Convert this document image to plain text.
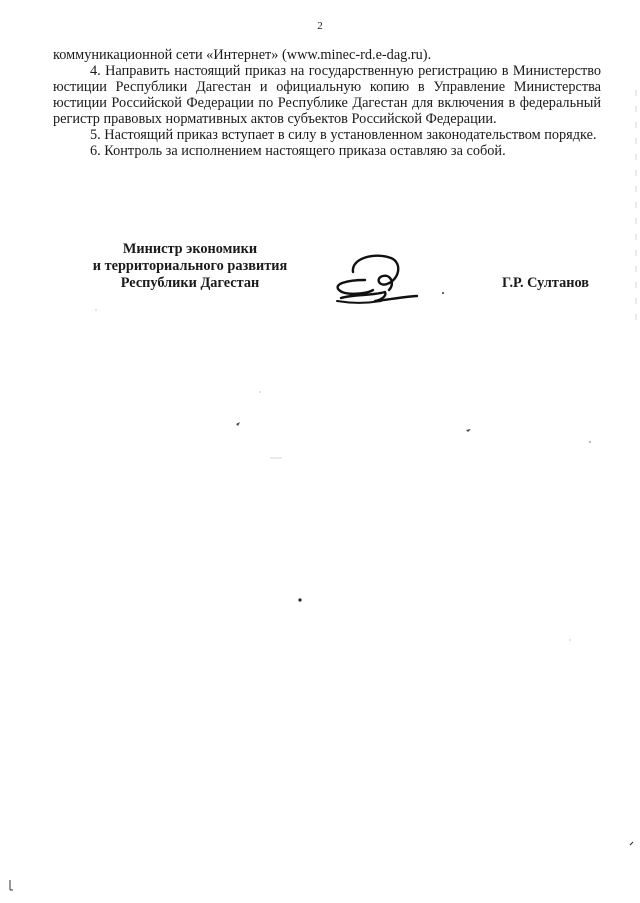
2

коммуникационной сети «Интернет» (www.minec-rd.e-dag.ru).

4. Направить настоящий приказ на государственную регистрацию в Министерство юстиции Республики Дагестан и официальную копию в Управление Министерства юстиции Российской Федерации по Республике Дагестан для включения в федеральный регистр правовых нормативных актов субъектов Российской Федерации.

5. Настоящий приказ вступает в силу в установленном законодательством порядке.

6. Контроль за исполнением настоящего приказа оставляю за собой.

Министр экономики
и территориального развития
Республики Дагестан	Г.Р. Султанов
